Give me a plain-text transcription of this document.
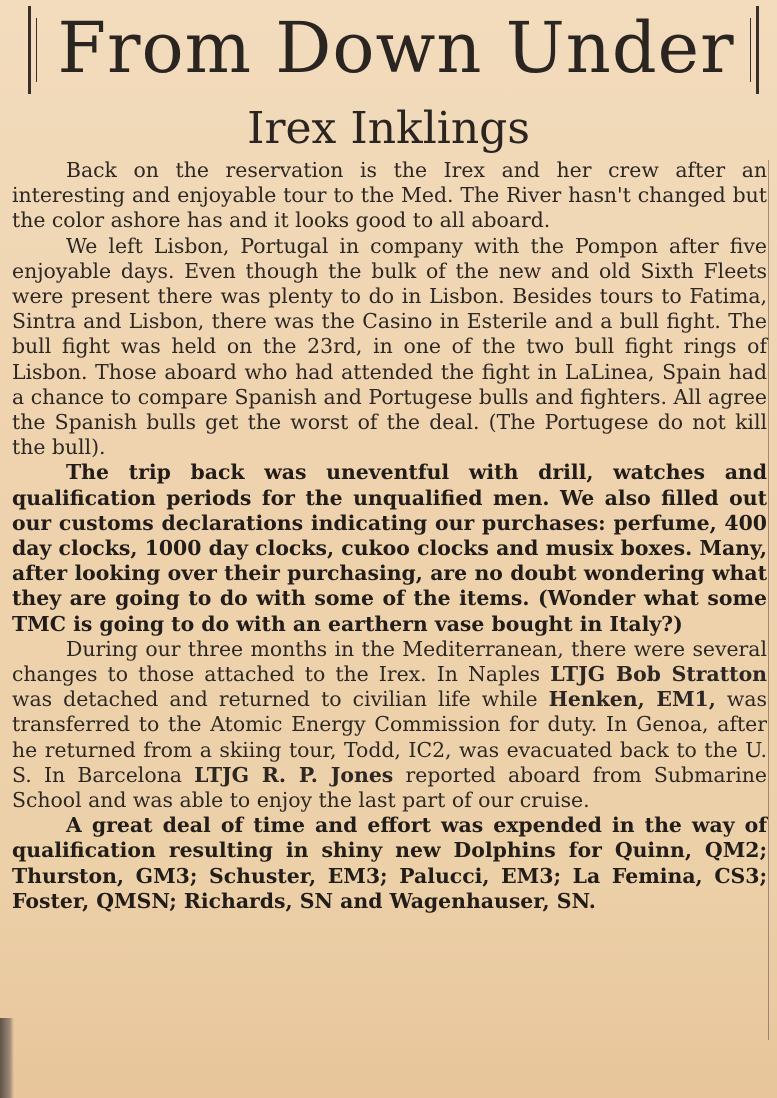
From Down Under
Irex Inklings

Back on the reservation is the Irex and her crew after an interesting and enjoyable tour to the Med. The River hasn't changed but the color ashore has and it looks good to all aboard.

We left Lisbon, Portugal in company with the Pompon after five enjoyable days. Even though the bulk of the new and old Sixth Fleets were present there was plenty to do in Lisbon. Besides tours to Fatima, Sintra and Lisbon, there was the Casino in Esterile and a bull fight. The bull fight was held on the 23rd, in one of the two bull fight rings of Lisbon. Those aboard who had attended the fight in LaLinea, Spain had a chance to compare Spanish and Portugese bulls and fighters. All agree the Spanish bulls get the worst of the deal. (The Portugese do not kill the bull).

The trip back was uneventful with drill, watches and qualification periods for the unqualified men. We also filled out our customs declarations indicating our purchases: perfume, 400 day clocks, 1000 day clocks, cukoo clocks and musix boxes. Many, after looking over their purchasing, are no doubt wondering what they are going to do with some of the items. (Wonder what some TMC is going to do with an earthern vase bought in Italy?)

During our three months in the Mediterranean, there were several changes to those attached to the Irex. In Naples LTJG Bob Stratton was detached and returned to civilian life while Henken, EM1, was transferred to the Atomic Energy Commission for duty. In Genoa, after he returned from a skiing tour, Todd, IC2, was evacuated back to the U. S. In Barcelona LTJG R. P. Jones reported aboard from Submarine School and was able to enjoy the last part of our cruise.

A great deal of time and effort was expended in the way of qualification resulting in shiny new Dolphins for Quinn, QM2; Thurston, GM3; Schuster, EM3; Palucci, EM3; La Femina, CS3; Foster, QMSN; Richards, SN and Wagenhauser, SN.
